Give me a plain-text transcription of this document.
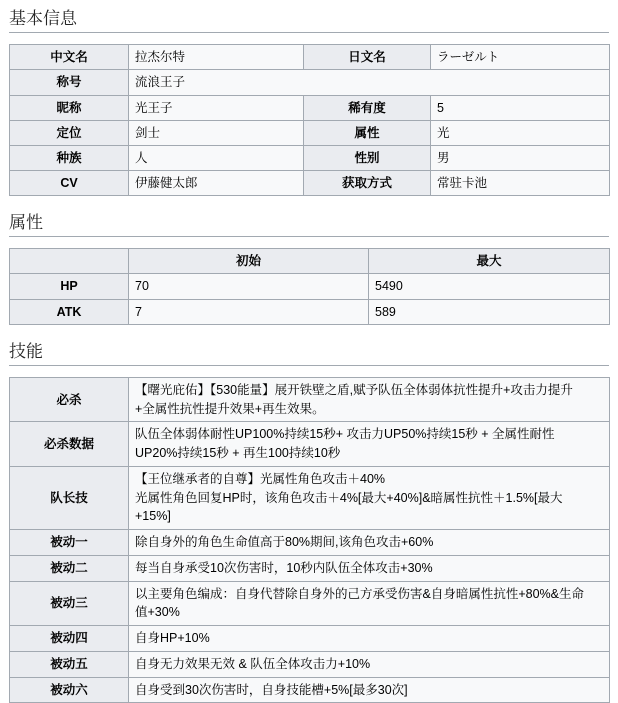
基本信息
中文名	拉杰尔特	日文名	ラーゼルト
称号	流浪王子		
昵称	光王子	稀有度	5
定位	剑士	属性	光
种族	人	性别	男
CV	伊藤健太郎	获取方式	常驻卡池
属性
	初始	最大
HP	70	5490
ATK	7	589
技能
必杀	【曙光庇佑】【530能量】展开铁壁之盾,赋予队伍全体弱体抗性提升+攻击力提升
+全属性抗性提升效果+再生效果。
必杀数据	队伍全体弱体耐性UP100%持续15秒+ 攻击力UP50%持续15秒 + 全属性耐性
UP20%持续15秒 + 再生100持续10秒
队长技	【王位继承者的自尊】光属性角色攻击＋40%
光属性角色回复HP时，该角色攻击＋4%[最大+40%]&暗属性抗性＋1.5%[最大
+15%]
被动一	除自身外的角色生命值高于80%期间,该角色攻击+60%
被动二	每当自身承受10次伤害时，10秒内队伍全体攻击+30%
被动三	以主要角色编成：自身代替除自身外的己方承受伤害&自身暗属性抗性+80%&生命
值+30%
被动四	自身HP+10%
被动五	自身无力效果无效 & 队伍全体攻击力+10%
被动六	自身受到30次伤害时，自身技能槽+5%[最多30次]
